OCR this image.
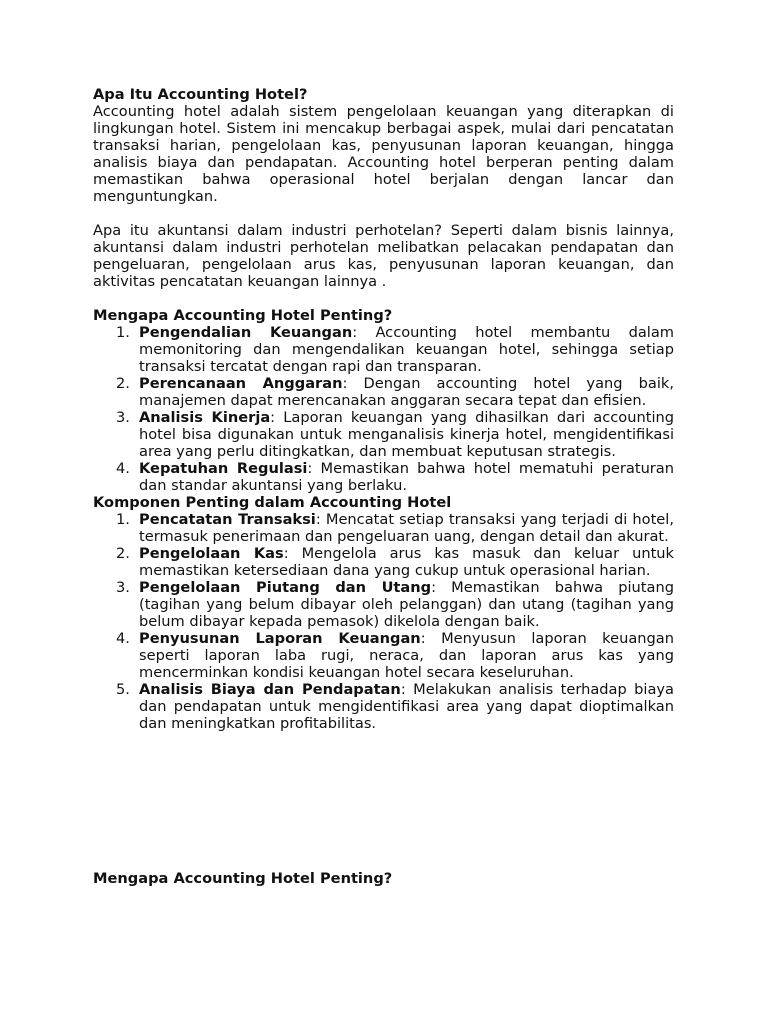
Apa Itu Accounting Hotel?

Accounting hotel adalah sistem pengelolaan keuangan yang diterapkan di lingkungan hotel. Sistem ini mencakup berbagai aspek, mulai dari pencatatan transaksi harian, pengelolaan kas, penyusunan laporan keuangan, hingga analisis biaya dan pendapatan. Accounting hotel berperan penting dalam memastikan bahwa operasional hotel berjalan dengan lancar dan menguntungkan.

Apa itu akuntansi dalam industri perhotelan? Seperti dalam bisnis lainnya, akuntansi dalam industri perhotelan melibatkan pelacakan pendapatan dan pengeluaran, pengelolaan arus kas, penyusunan laporan keuangan, dan aktivitas pencatatan keuangan lainnya .

Mengapa Accounting Hotel Penting?
1. Pengendalian Keuangan: Accounting hotel membantu dalam memonitoring dan mengendalikan keuangan hotel, sehingga setiap transaksi tercatat dengan rapi dan transparan.
2. Perencanaan Anggaran: Dengan accounting hotel yang baik, manajemen dapat merencanakan anggaran secara tepat dan efisien.
3. Analisis Kinerja: Laporan keuangan yang dihasilkan dari accounting hotel bisa digunakan untuk menganalisis kinerja hotel, mengidentifikasi area yang perlu ditingkatkan, dan membuat keputusan strategis.
4. Kepatuhan Regulasi: Memastikan bahwa hotel mematuhi peraturan dan standar akuntansi yang berlaku.
Komponen Penting dalam Accounting Hotel
1. Pencatatan Transaksi: Mencatat setiap transaksi yang terjadi di hotel, termasuk penerimaan dan pengeluaran uang, dengan detail dan akurat.
2. Pengelolaan Kas: Mengelola arus kas masuk dan keluar untuk memastikan ketersediaan dana yang cukup untuk operasional harian.
3. Pengelolaan Piutang dan Utang: Memastikan bahwa piutang (tagihan yang belum dibayar oleh pelanggan) dan utang (tagihan yang belum dibayar kepada pemasok) dikelola dengan baik.
4. Penyusunan Laporan Keuangan: Menyusun laporan keuangan seperti laporan laba rugi, neraca, dan laporan arus kas yang mencerminkan kondisi keuangan hotel secara keseluruhan.
5. Analisis Biaya dan Pendapatan: Melakukan analisis terhadap biaya dan pendapatan untuk mengidentifikasi area yang dapat dioptimalkan dan meningkatkan profitabilitas.
Mengapa Accounting Hotel Penting?
